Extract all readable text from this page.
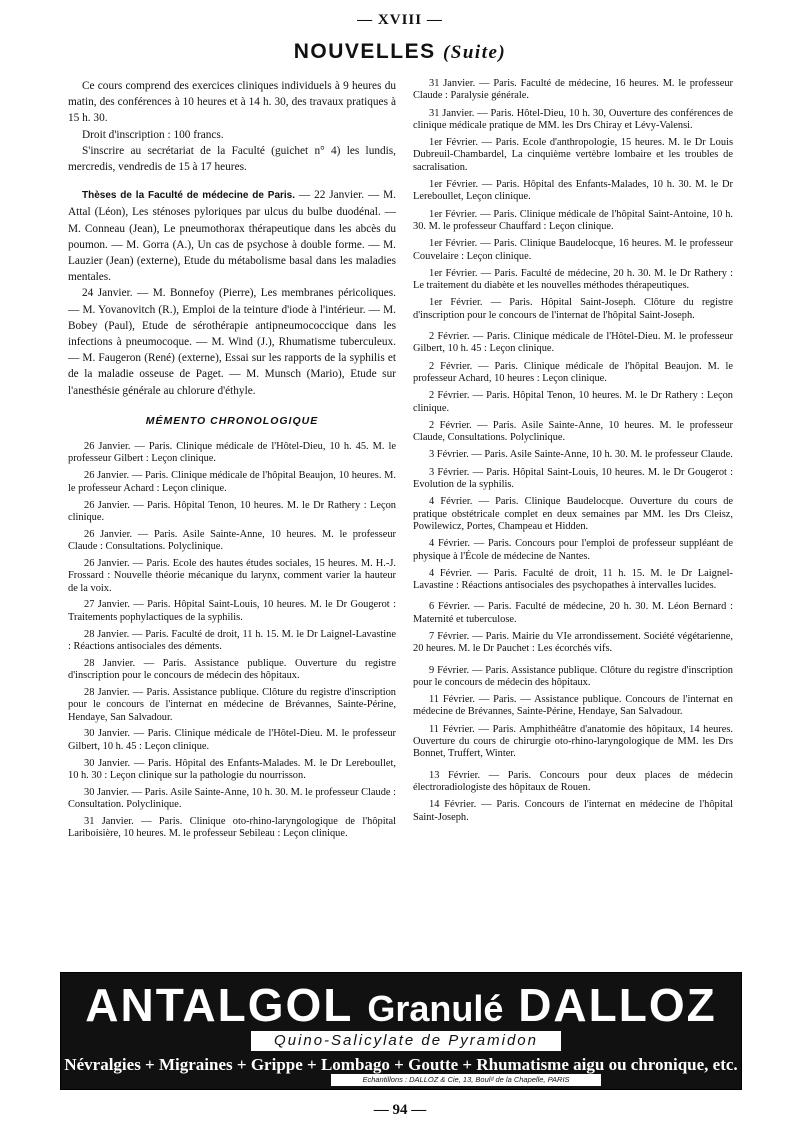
— XVIII —
NOUVELLES (Suite)

Ce cours comprend des exercices cliniques individuels à 9 heures du matin, des conférences à 10 heures et à 14 h. 30, des travaux pratiques à 15 h. 30.

Droit d'inscription : 100 francs.

S'inscrire au secrétariat de la Faculté (guichet n° 4) les lundis, mercredis, vendredis de 15 à 17 heures.

Thèses de la Faculté de médecine de Paris. — 22 Janvier. — M. Attal (Léon), Les sténoses pyloriques par ulcus du bulbe duodénal. — M. Conneau (Jean), Le pneumothorax thérapeutique dans les abcès du poumon. — M. Gorra (A.), Un cas de psychose à double forme. — M. Lauzier (Jean) (externe), Etude du métabolisme basal dans les maladies mentales.

24 Janvier. — M. Bonnefoy (Pierre), Les membranes péricoliques. — M. Yovanovitch (R.), Emploi de la teinture d'iode à l'intérieur. — M. Bobey (Paul), Etude de sérothérapie antipneumococcique dans les infections à pneumocoque. — M. Wind (J.), Rhumatisme tuberculeux. — M. Faugeron (René) (externe), Essai sur les rapports de la syphilis et de la maladie osseuse de Paget. — M. Munsch (Mario), Etude sur l'anesthésie générale au chlorure d'éthyle.

MÉMENTO CHRONOLOGIQUE

26 Janvier. — Paris. Clinique médicale de l'Hôtel-Dieu, 10 h. 45. M. le professeur Gilbert : Leçon clinique.

26 Janvier. — Paris. Clinique médicale de l'hôpital Beaujon, 10 heures. M. le professeur Achard : Leçon clinique.

26 Janvier. — Paris. Hôpital Tenon, 10 heures. M. le Dr Rathery : Leçon clinique.

26 Janvier. — Paris. Asile Sainte-Anne, 10 heures. M. le professeur Claude : Consultations. Polyclinique.

26 Janvier. — Paris. Ecole des hautes études sociales, 15 heures. M. H.-J. Frossard : Nouvelle théorie mécanique du larynx, comment varier la hauteur de la voix.

27 Janvier. — Paris. Hôpital Saint-Louis, 10 heures. M. le Dr Gougerot : Traitements pophylactiques de la syphilis.

28 Janvier. — Paris. Faculté de droit, 11 h. 15. M. le Dr Laignel-Lavastine : Réactions antisociales des déments.

28 Janvier. — Paris. Assistance publique. Ouverture du registre d'inscription pour le concours de médecin des hôpitaux.

28 Janvier. — Paris. Assistance publique. Clôture du registre d'inscription pour le concours de l'internat en médecine de Brévannes, Sainte-Périne, Hendaye, San Salvadour.

30 Janvier. — Paris. Clinique médicale de l'Hôtel-Dieu. M. le professeur Gilbert, 10 h. 45 : Leçon clinique.

30 Janvier. — Paris. Hôpital des Enfants-Malades. M. le Dr Lereboullet, 10 h. 30 : Leçon clinique sur la pathologie du nourrisson.

30 Janvier. — Paris. Asile Sainte-Anne, 10 h. 30. M. le professeur Claude : Consultation. Polyclinique.

31 Janvier. — Paris. Clinique oto-rhino-laryngologique de l'hôpital Lariboisière, 10 heures. M. le professeur Sebileau : Leçon clinique.

31 Janvier. — Paris. Faculté de médecine, 16 heures. M. le professeur Claude : Paralysie générale.

31 Janvier. — Paris. Hôtel-Dieu, 10 h. 30, Ouverture des conférences de clinique médicale pratique de MM. les Drs Chiray et Lévy-Valensi.

1er Février. — Paris. Ecole d'anthropologie, 15 heures. M. le Dr Louis Dubreuil-Chambardel, La cinquième vertèbre lombaire et les troubles de sacralisation.

1er Février. — Paris. Hôpital des Enfants-Malades, 10 h. 30. M. le Dr Lereboullet, Leçon clinique.

1er Février. — Paris. Clinique médicale de l'hôpital Saint-Antoine, 10 h. 30. M. le professeur Chauffard : Leçon clinique.

1er Février. — Paris. Clinique Baudelocque, 16 heures. M. le professeur Couvelaire : Leçon clinique.

1er Février. — Paris. Faculté de médecine, 20 h. 30. M. le Dr Rathery : Le traitement du diabète et les nouvelles méthodes thérapeutiques.

1er Février. — Paris. Hôpital Saint-Joseph. Clôture du registre d'inscription pour le concours de l'internat de l'hôpital Saint-Joseph.

2 Février. — Paris. Clinique médicale de l'Hôtel-Dieu. M. le professeur Gilbert, 10 h. 45 : Leçon clinique.

2 Février. — Paris. Clinique médicale de l'hôpital Beaujon. M. le professeur Achard, 10 heures : Leçon clinique.

2 Février. — Paris. Hôpital Tenon, 10 heures. M. le Dr Rathery : Leçon clinique.

2 Février. — Paris. Asile Sainte-Anne, 10 heures. M. le professeur Claude, Consultations. Polyclinique.

3 Février. — Paris. Asile Sainte-Anne, 10 h. 30. M. le professeur Claude.

3 Février. — Paris. Hôpital Saint-Louis, 10 heures. M. le Dr Gougerot : Evolution de la syphilis.

4 Février. — Paris. Clinique Baudelocque. Ouverture du cours de pratique obstétricale complet en deux semaines par MM. les Drs Cleisz, Powilewicz, Portes, Champeau et Hidden.

4 Février. — Paris. Concours pour l'emploi de professeur suppléant de physique à l'École de médecine de Nantes.

4 Février. — Paris. Faculté de droit, 11 h. 15. M. le Dr Laignel-Lavastine : Réactions antisociales des psychopathes à intervalles lucides.

6 Février. — Paris. Faculté de médecine, 20 h. 30. M. Léon Bernard : Maternité et tuberculose.

7 Février. — Paris. Mairie du VIe arrondissement. Société végétarienne, 20 heures. M. le Dr Pauchet : Les écorchés vifs.

9 Février. — Paris. Assistance publique. Clôture du registre d'inscription pour le concours de médecin des hôpitaux.

11 Février. — Paris. — Assistance publique. Concours de l'internat en médecine de Brévannes, Sainte-Périne, Hendaye, San Salvadour.

11 Février. — Paris. Amphithéâtre d'anatomie des hôpitaux, 14 heures. Ouverture du cours de chirurgie oto-rhino-laryngologique de MM. les Drs Bonnet, Truffert, Winter.

13 Février. — Paris. Concours pour deux places de médecin électroradiologiste des hôpitaux de Rouen.

14 Février. — Paris. Concours de l'internat en médecine de l'hôpital Saint-Joseph.

ANTALGOL Granulé DALLOZ
Quino-Salicylate de Pyramidon
Névralgies + Migraines + Grippe + Lombago + Goutte + Rhumatisme aigu ou chronique, etc.
Echantillons : DALLOZ & Cie, 13, Boulᵈ de la Chapelle, PARIS
— 94 —
